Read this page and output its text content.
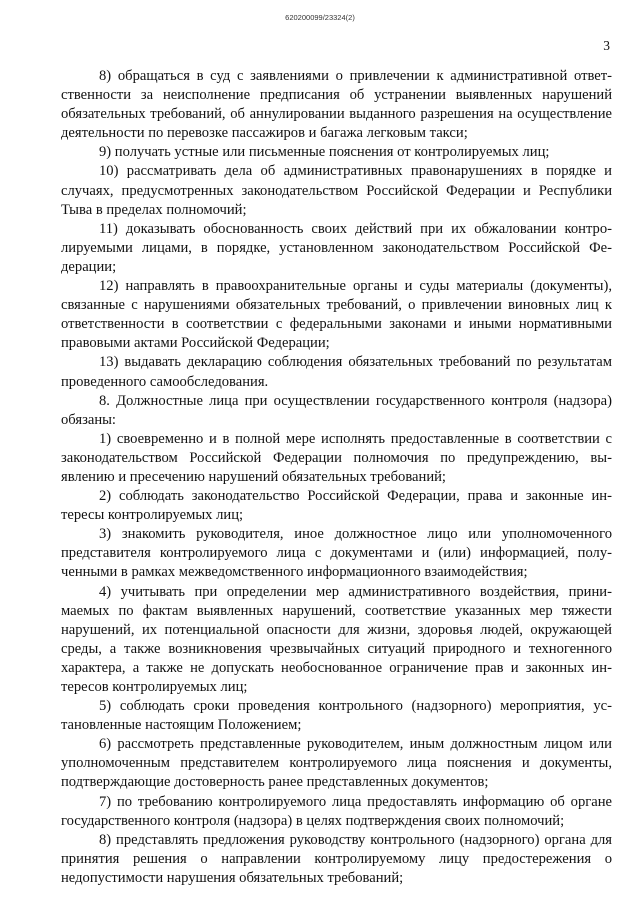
620200099/23324(2)
3

8) обращаться в суд с заявлениями о привлечении к административной ответственности за неисполнение предписания об устранении выявленных нарушений обязательных требований, об аннулировании выданного разрешения на осуществление деятельности по перевозке пассажиров и багажа легковым такси;

9) получать устные или письменные пояснения от контролируемых лиц;

10) рассматривать дела об административных правонарушениях в порядке и случаях, предусмотренных законодательством Российской Федерации и Республики Тыва в пределах полномочий;

11) доказывать обоснованность своих действий при их обжаловании контролируемыми лицами, в порядке, установленном законодательством Российской Федерации;

12) направлять в правоохранительные органы и суды материалы (документы), связанные с нарушениями обязательных требований, о привлечении виновных лиц к ответственности в соответствии с федеральными законами и иными нормативными правовыми актами Российской Федерации;

13) выдавать декларацию соблюдения обязательных требований по результатам проведенного самообследования.

8. Должностные лица при осуществлении государственного контроля (надзора) обязаны:

1) своевременно и в полной мере исполнять предоставленные в соответствии с законодательством Российской Федерации полномочия по предупреждению, выявлению и пресечению нарушений обязательных требований;

2) соблюдать законодательство Российской Федерации, права и законные интересы контролируемых лиц;

3) знакомить руководителя, иное должностное лицо или уполномоченного представителя контролируемого лица с документами и (или) информацией, полученными в рамках межведомственного информационного взаимодействия;

4) учитывать при определении мер административного воздействия, принимаемых по фактам выявленных нарушений, соответствие указанных мер тяжести нарушений, их потенциальной опасности для жизни, здоровья людей, окружающей среды, а также возникновения чрезвычайных ситуаций природного и техногенного характера, а также не допускать необоснованное ограничение прав и законных интересов контролируемых лиц;

5) соблюдать сроки проведения контрольного (надзорного) мероприятия, установленные настоящим Положением;

6) рассмотреть представленные руководителем, иным должностным лицом или уполномоченным представителем контролируемого лица пояснения и документы, подтверждающие достоверность ранее представленных документов;

7) по требованию контролируемого лица предоставлять информацию об органе государственного контроля (надзора) в целях подтверждения своих полномочий;

8) представлять предложения руководству контрольного (надзорного) органа для принятия решения о направлении контролируемому лицу предостережения о недопустимости нарушения обязательных требований;
